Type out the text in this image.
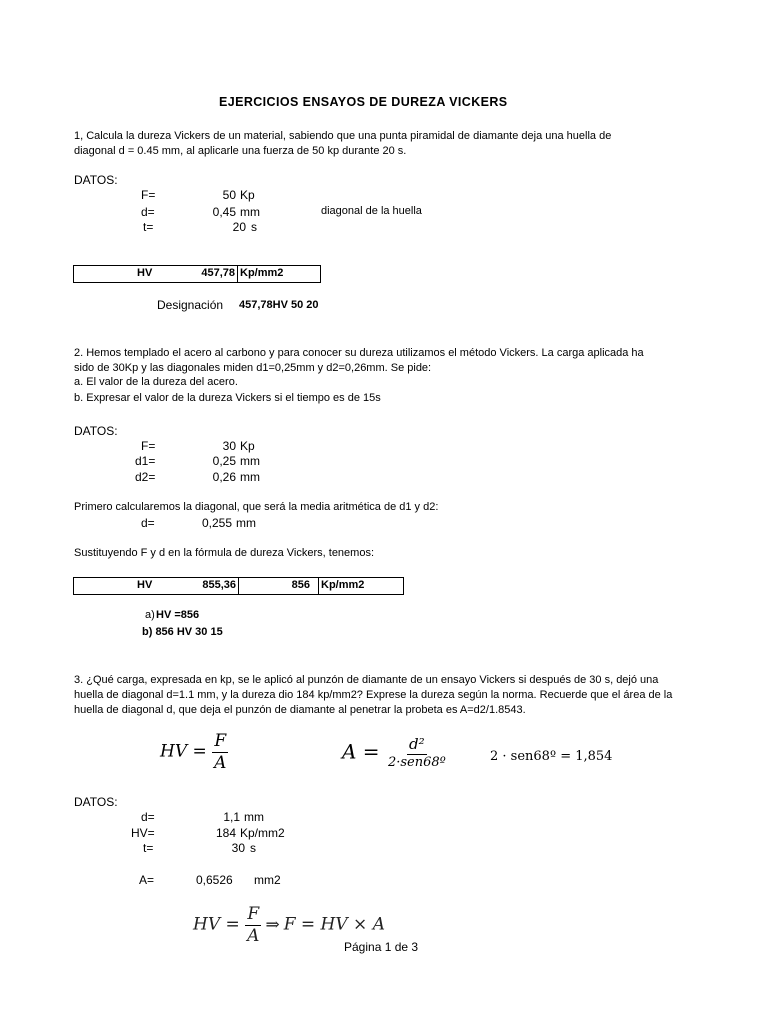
EJERCICIOS ENSAYOS DE DUREZA VICKERS
1, Calcula la dureza Vickers de un material, sabiendo que una punta piramidal de diamante deja una huella de diagonal d = 0.45 mm, al aplicarle una fuerza de 50 kp durante 20 s.
DATOS:
F=	50 Kp
d=	0,45 mm	diagonal de la huella
t=	20 s
HV	457,78 Kp/mm2
Designación 457,78HV 50 20
2. Hemos templado el acero al carbono y para conocer su dureza utilizamos el método Vickers. La carga aplicada ha sido de 30Kp y las diagonales miden d1=0,25mm y d2=0,26mm. Se pide:
a. El valor de la dureza del acero.
b. Expresar el valor de la dureza Vickers si el tiempo es de 15s
DATOS:
F=	30 Kp
d1=	0,25 mm
d2=	0,26 mm
Primero calcularemos la diagonal, que será la media aritmética de d1 y d2:
d=	0,255 mm
Sustituyendo F y d en la fórmula de dureza Vickers, tenemos:
HV	855,36	856 Kp/mm2
a) HV =856
b) 856 HV 30 15
3. ¿Qué carga, expresada en kp, se le aplicó al punzón de diamante de un ensayo Vickers si después de 30 s, dejó una huella de diagonal d=1.1 mm, y la dureza dio 184 kp/mm2? Exprese la dureza según la norma. Recuerde que el área de la huella de diagonal d, que deja el punzón de diamante al penetrar la probeta es A=d2/1.8543.
HV = $\frac{F}{A}$	$A = \frac{\text{d²}}{\text{2·sen68º}}$	2 · sen68º = 1,854
DATOS:
d=	1,1 mm
HV=	184 Kp/mm2
t=	30 s
A=	0,6526 mm2
HV = $\frac{F}{A}$ ⇒ F = HV × A
Página 1 de 3
